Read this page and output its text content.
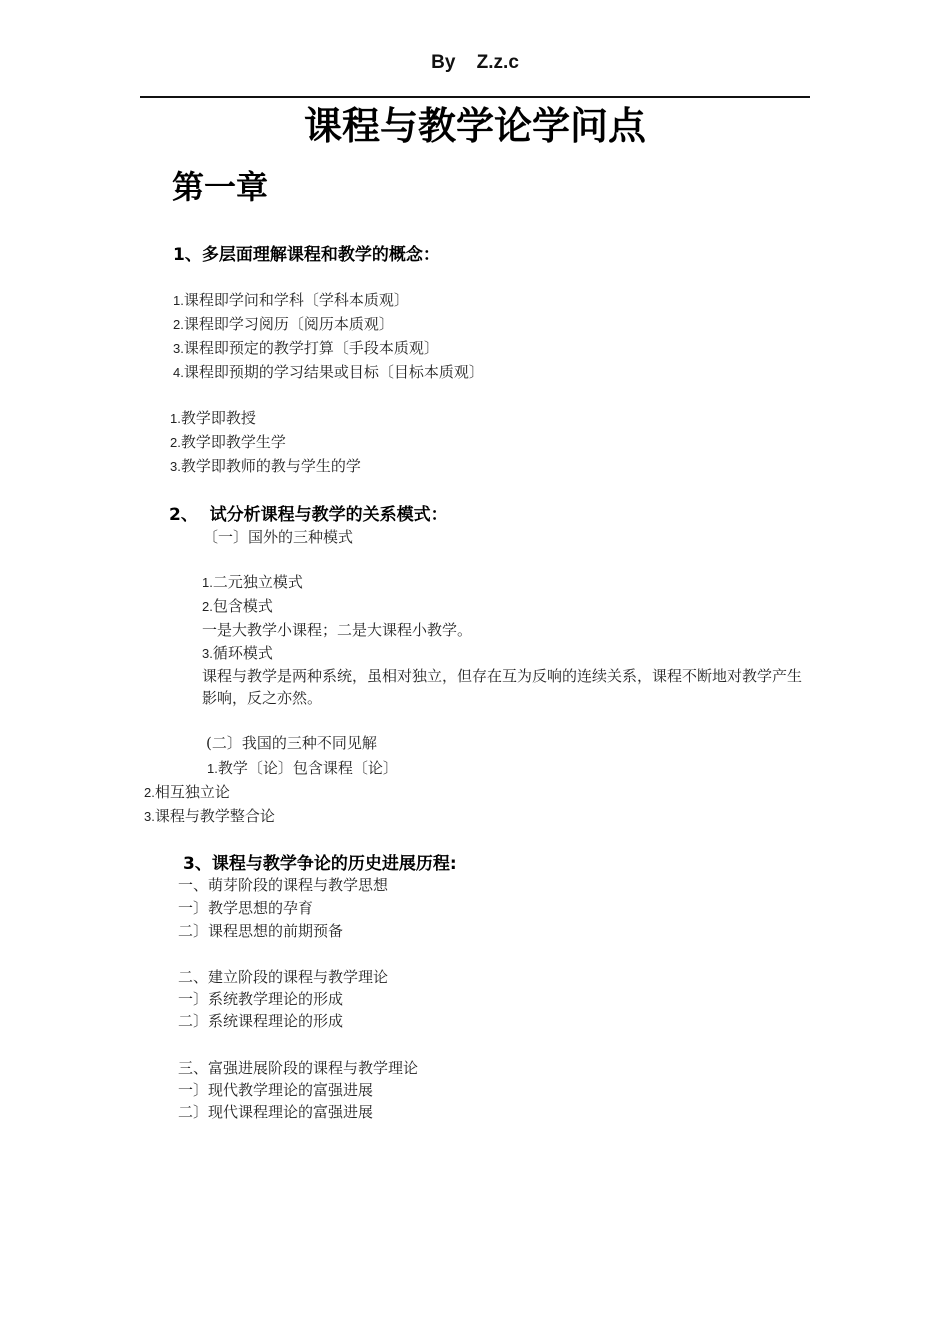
By Z.z.c
课程与教学论学问点
第一章
1、多层面理解课程和教学的概念：
1.课程即学问和学科〔学科本质观〕
2.课程即学习阅历〔阅历本质观〕
3.课程即预定的教学打算〔手段本质观〕
4.课程即预期的学习结果或目标〔目标本质观〕
1.教学即教授
2.教学即教学生学
3.教学即教师的教与学生的学
2、  试分析课程与教学的关系模式：
〔一〕国外的三种模式
1.二元独立模式
2.包含模式
一是大教学小课程；二是大课程小教学。
3.循环模式
课程与教学是两种系统，虽相对独立，但存在互为反响的连续关系，课程不断地对教学产生影响，反之亦然。
(二〕我国的三种不同见解
1.教学〔论〕包含课程〔论〕
2.相互独立论
3.课程与教学整合论
3、课程与教学争论的历史进展历程:
一、萌芽阶段的课程与教学思想
一〕教学思想的孕育
二〕课程思想的前期预备
二、建立阶段的课程与教学理论
一〕系统教学理论的形成
二〕系统课程理论的形成
三、富强进展阶段的课程与教学理论
一〕现代教学理论的富强进展
二〕现代课程理论的富强进展
